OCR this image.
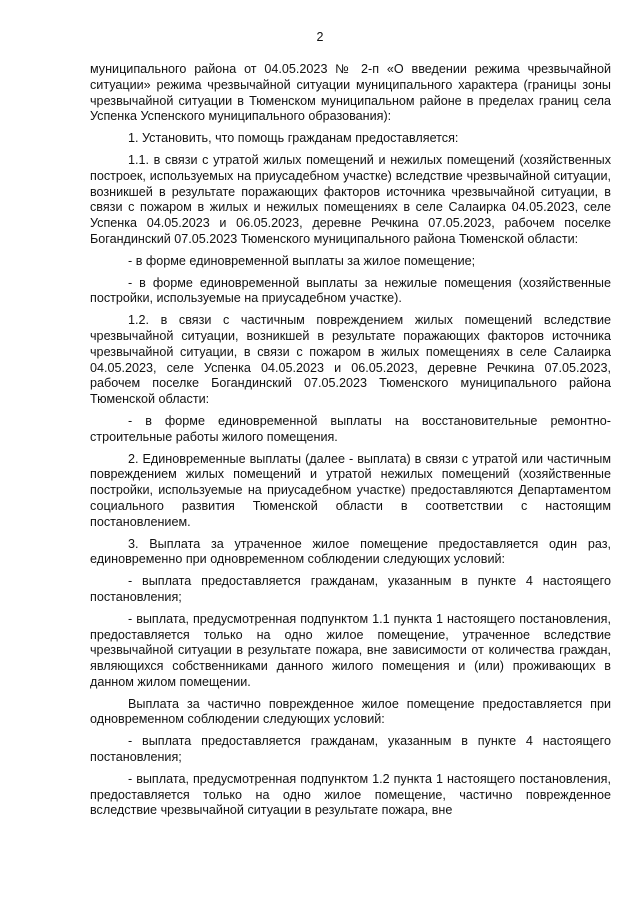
2

муниципального района от 04.05.2023 № 2-п «О введении режима чрезвычайной ситуации» режима чрезвычайной ситуации муниципального характера (границы зоны чрезвычайной ситуации в Тюменском муниципальном районе в пределах границ села Успенка Успенского муниципального образования):

1. Установить, что помощь гражданам предоставляется:

1.1. в связи с утратой жилых помещений и нежилых помещений (хозяйственных построек, используемых на приусадебном участке) вследствие чрезвычайной ситуации, возникшей в результате поражающих факторов источника чрезвычайной ситуации, в связи с пожаром в жилых и нежилых помещениях в селе Салаирка 04.05.2023, селе Успенка 04.05.2023 и 06.05.2023, деревне Речкина 07.05.2023, рабочем поселке Богандинский 07.05.2023 Тюменского муниципального района Тюменской области:

- в форме единовременной выплаты за жилое помещение;

- в форме единовременной выплаты за нежилые помещения (хозяйственные постройки, используемые на приусадебном участке).

1.2. в связи с частичным повреждением жилых помещений вследствие чрезвычайной ситуации, возникшей в результате поражающих факторов источника чрезвычайной ситуации, в связи с пожаром в жилых помещениях в селе Салаирка 04.05.2023, селе Успенка 04.05.2023 и 06.05.2023, деревне Речкина 07.05.2023, рабочем поселке Богандинский 07.05.2023 Тюменского муниципального района Тюменской области:

- в форме единовременной выплаты на восстановительные ремонтно-строительные работы жилого помещения.

2. Единовременные выплаты (далее - выплата) в связи с утратой или частичным повреждением жилых помещений и утратой нежилых помещений (хозяйственные постройки, используемые на приусадебном участке) предоставляются Департаментом социального развития Тюменской области в соответствии с настоящим постановлением.

3. Выплата за утраченное жилое помещение предоставляется один раз, единовременно при одновременном соблюдении следующих условий:

- выплата предоставляется гражданам, указанным в пункте 4 настоящего постановления;

- выплата, предусмотренная подпунктом 1.1 пункта 1 настоящего постановления, предоставляется только на одно жилое помещение, утраченное вследствие чрезвычайной ситуации в результате пожара, вне зависимости от количества граждан, являющихся собственниками данного жилого помещения и (или) проживающих в данном жилом помещении.

Выплата за частично поврежденное жилое помещение предоставляется при одновременном соблюдении следующих условий:

- выплата предоставляется гражданам, указанным в пункте 4 настоящего постановления;

- выплата, предусмотренная подпунктом 1.2 пункта 1 настоящего постановления, предоставляется только на одно жилое помещение, частично поврежденное вследствие чрезвычайной ситуации в результате пожара, вне
